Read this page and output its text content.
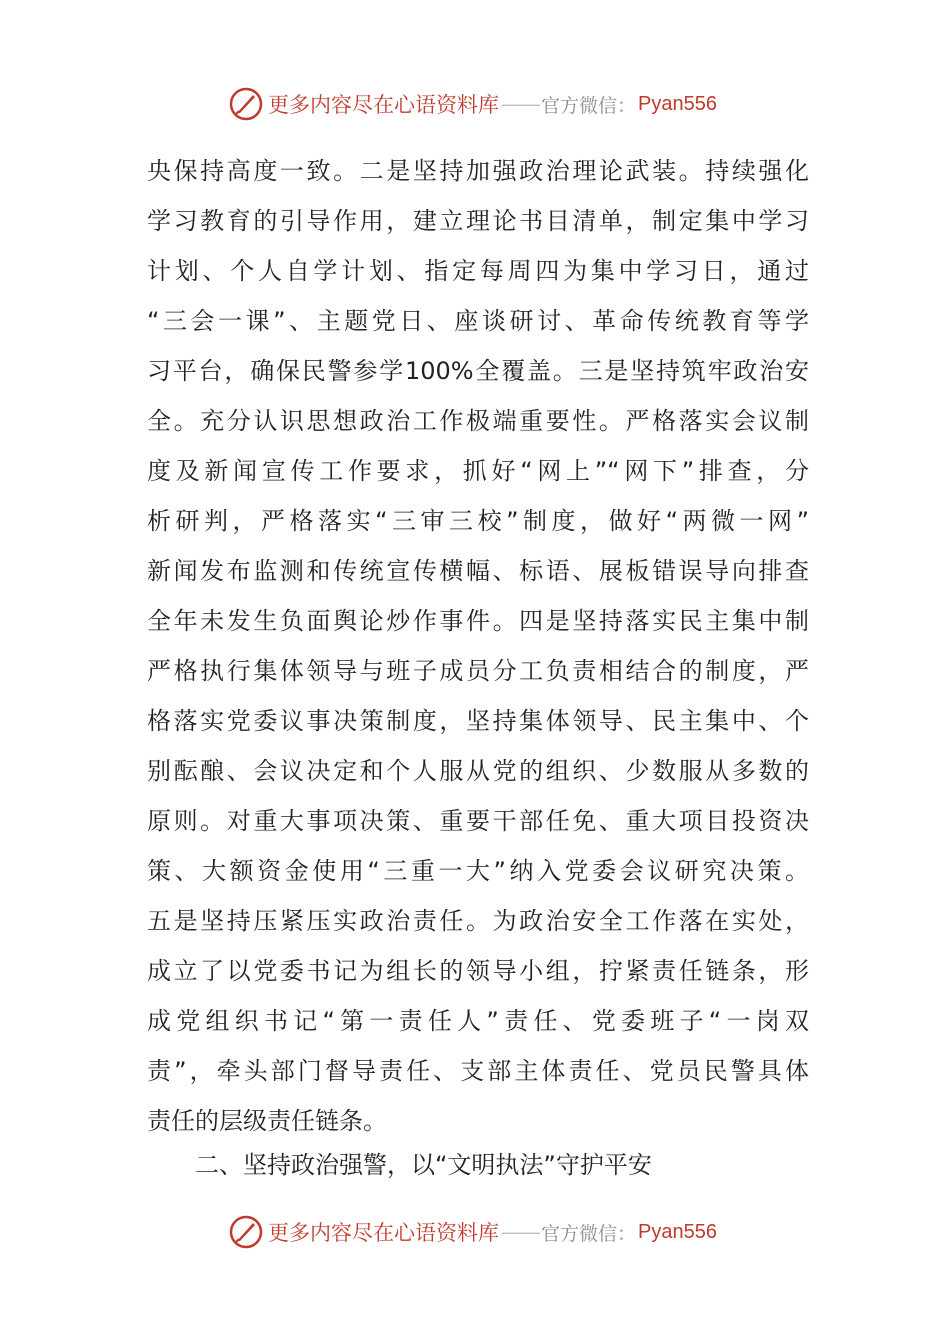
更多内容尽在心语资料库 —— 官方微信： Pyan556
央保持高度一致。二是坚持加强政治理论武装。持续强化
学习教育的引导作用，建立理论书目清单，制定集中学习
计划、个人自学计划、指定每周四为集中学习日，通过
“三会一课”、主题党日、座谈研讨、革命传统教育等学
习平台，确保民警参学100%全覆盖。三是坚持筑牢政治安
全。充分认识思想政治工作极端重要性。严格落实会议制
度及新闻宣传工作要求，抓好“网上”“网下”排查，分
析研判，严格落实“三审三校”制度，做好“两微一网”
新闻发布监测和传统宣传横幅、标语、展板错误导向排查
全年未发生负面舆论炒作事件。四是坚持落实民主集中制
严格执行集体领导与班子成员分工负责相结合的制度，严
格落实党委议事决策制度，坚持集体领导、民主集中、个
别酝酿、会议决定和个人服从党的组织、少数服从多数的
原则。对重大事项决策、重要干部任免、重大项目投资决
策、大额资金使用“三重一大”纳入党委会议研究决策。
五是坚持压紧压实政治责任。为政治安全工作落在实处，
成立了以党委书记为组长的领导小组，拧紧责任链条，形
成党组织书记“第一责任人”责任、党委班子“一岗双
责”，牵头部门督导责任、支部主体责任、党员民警具体
责任的层级责任链条。
二、坚持政治强警，以“文明执法”守护平安
更多内容尽在心语资料库 —— 官方微信： Pyan556
